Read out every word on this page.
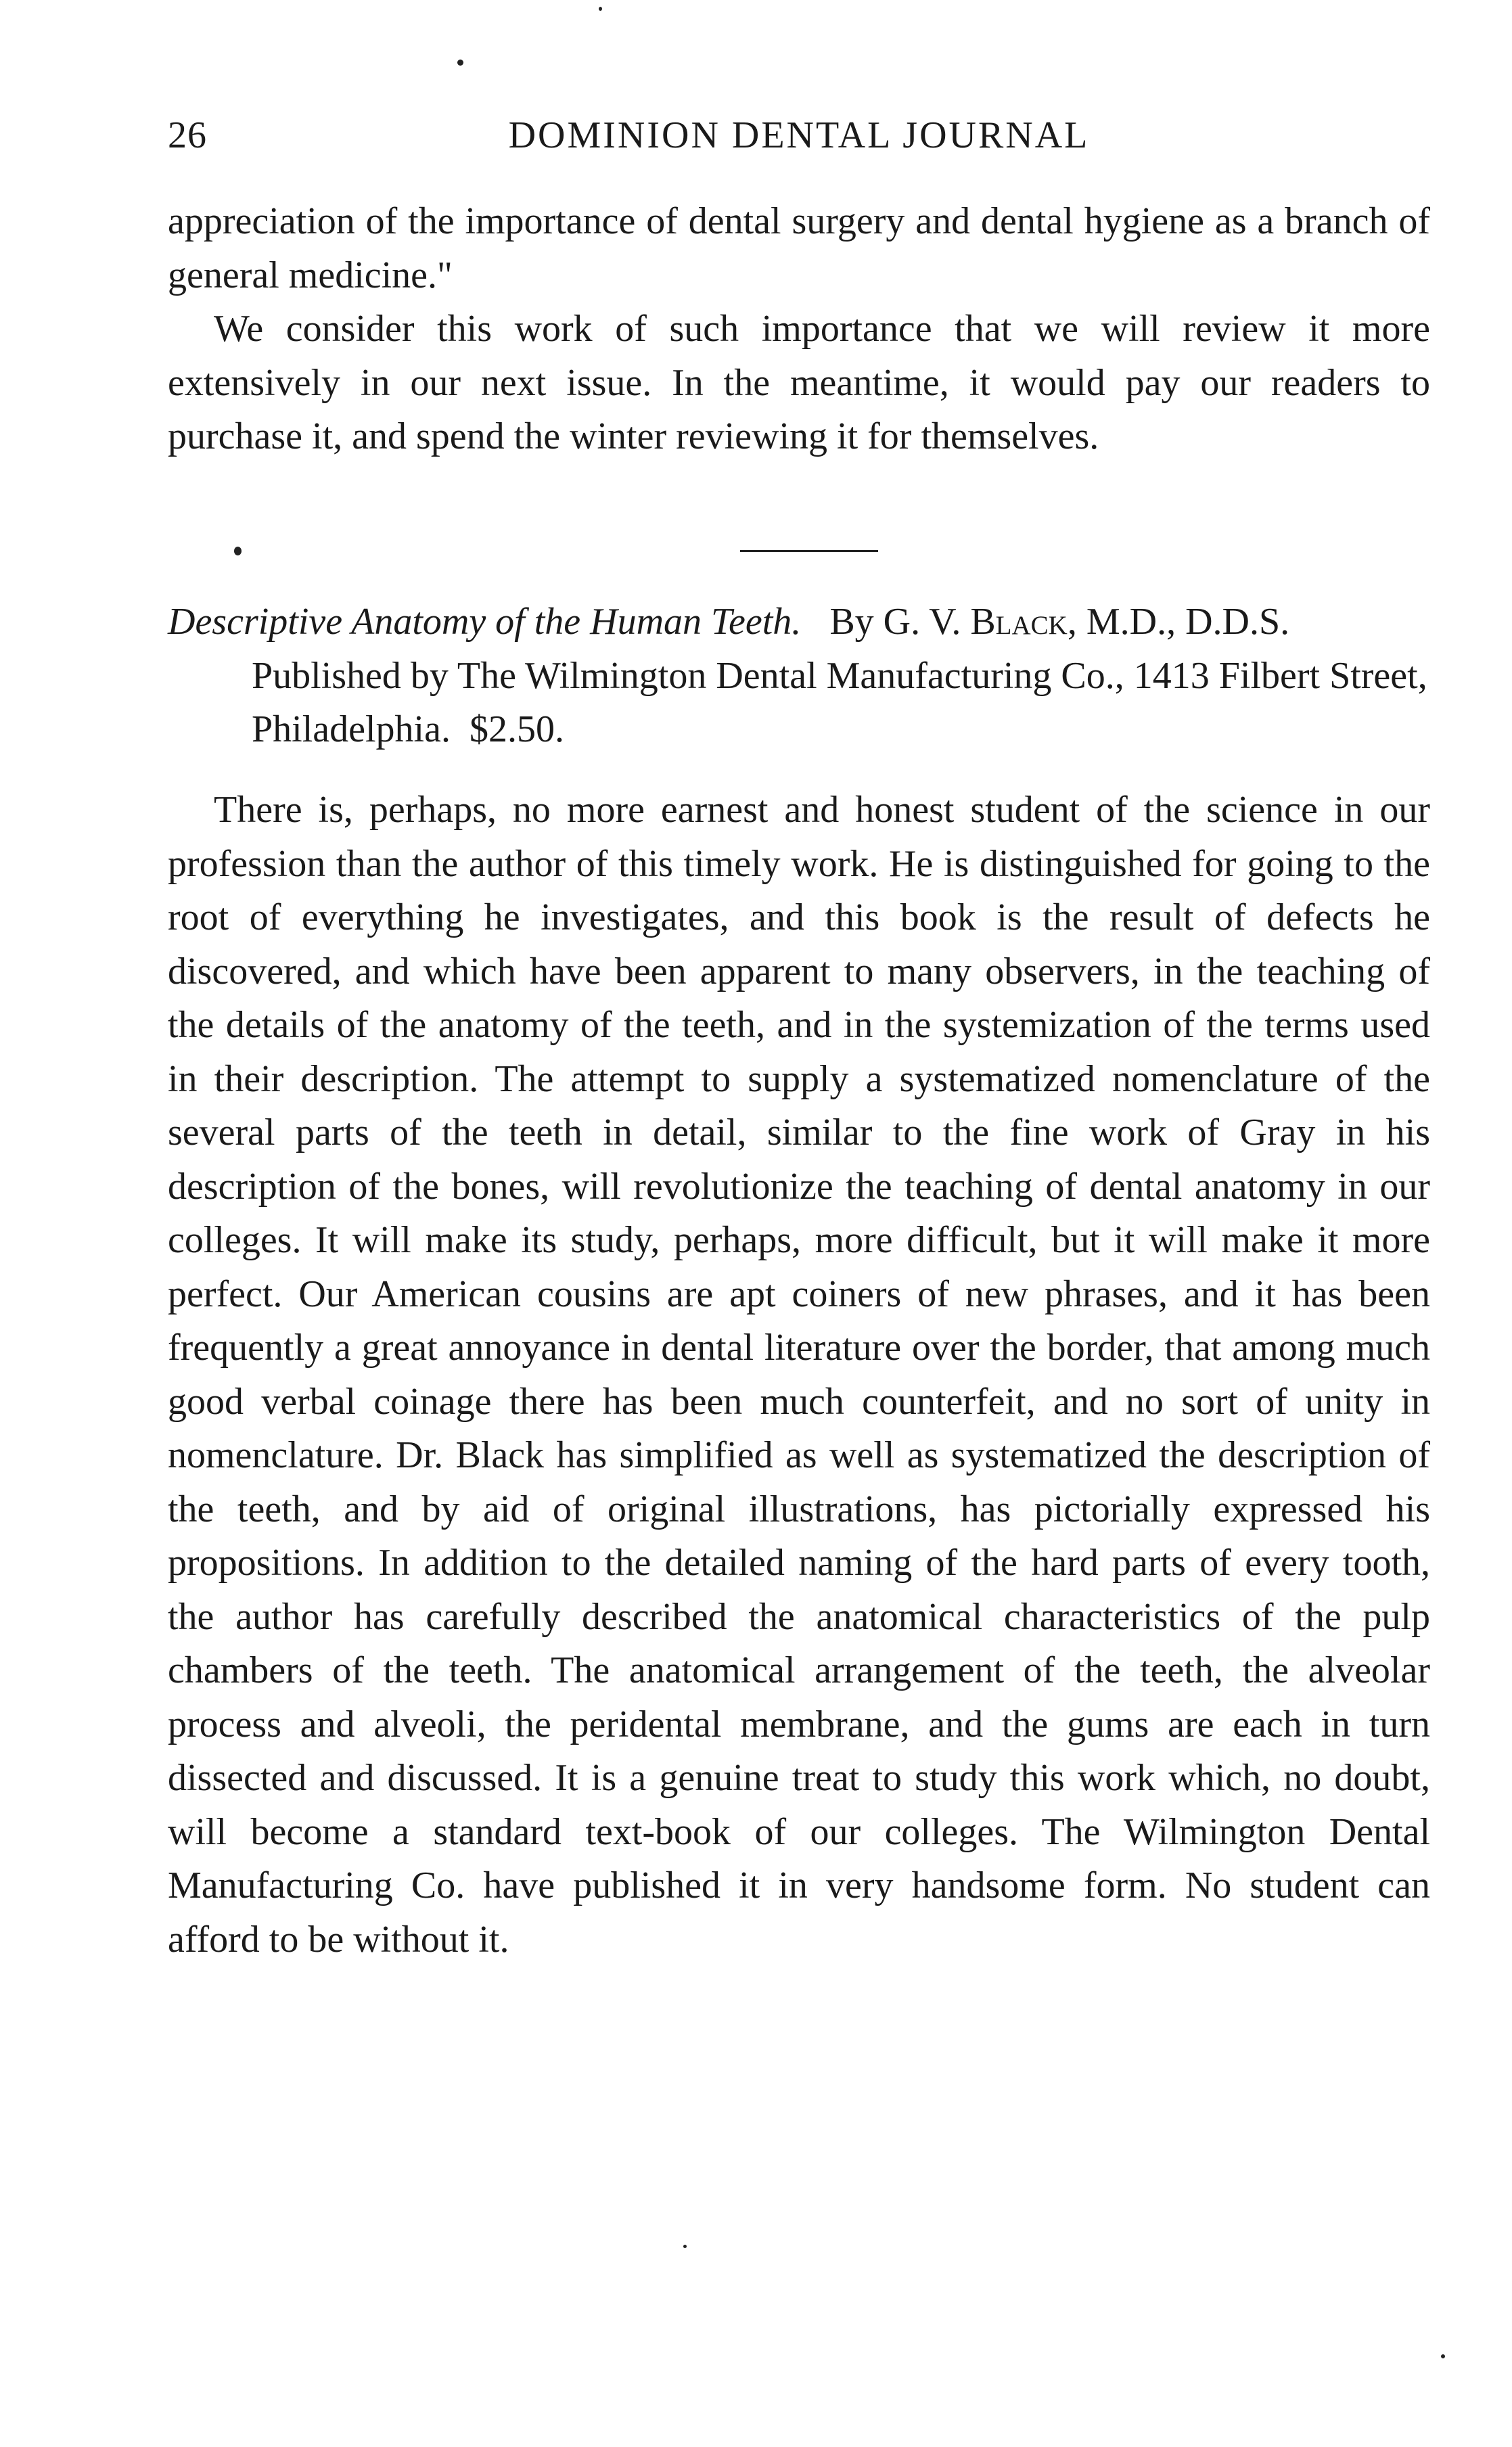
26	DOMINION DENTAL JOURNAL

appreciation of the importance of dental surgery and dental hygiene as a branch of general medicine."

We consider this work of such importance that we will review it more extensively in our next issue. In the meantime, it would pay our readers to purchase it, and spend the winter reviewing it for themselves.

Descriptive Anatomy of the Human Teeth. By G. V. Black, M.D., D.D.S.

Published by The Wilmington Dental Manufacturing Co., 1413 Filbert Street, Philadelphia. $2.50.

There is, perhaps, no more earnest and honest student of the science in our profession than the author of this timely work. He is distinguished for going to the root of everything he investigates, and this book is the result of defects he discovered, and which have been apparent to many observers, in the teaching of the details of the anatomy of the teeth, and in the systemization of the terms used in their description. The attempt to supply a systematized nomenclature of the several parts of the teeth in detail, similar to the fine work of Gray in his description of the bones, will revolutionize the teaching of dental anatomy in our colleges. It will make its study, perhaps, more difficult, but it will make it more perfect. Our American cousins are apt coiners of new phrases, and it has been frequently a great annoyance in dental literature over the border, that among much good verbal coinage there has been much counterfeit, and no sort of unity in nomenclature. Dr. Black has simplified as well as systematized the description of the teeth, and by aid of original illustrations, has pictorially expressed his propositions. In addition to the detailed naming of the hard parts of every tooth, the author has carefully described the anatomical characteristics of the pulp chambers of the teeth. The anatomical arrangement of the teeth, the alveolar process and alveoli, the peridental membrane, and the gums are each in turn dissected and discussed. It is a genuine treat to study this work which, no doubt, will become a standard text-book of our colleges. The Wilmington Dental Manufacturing Co. have published it in very handsome form. No student can afford to be without it.
